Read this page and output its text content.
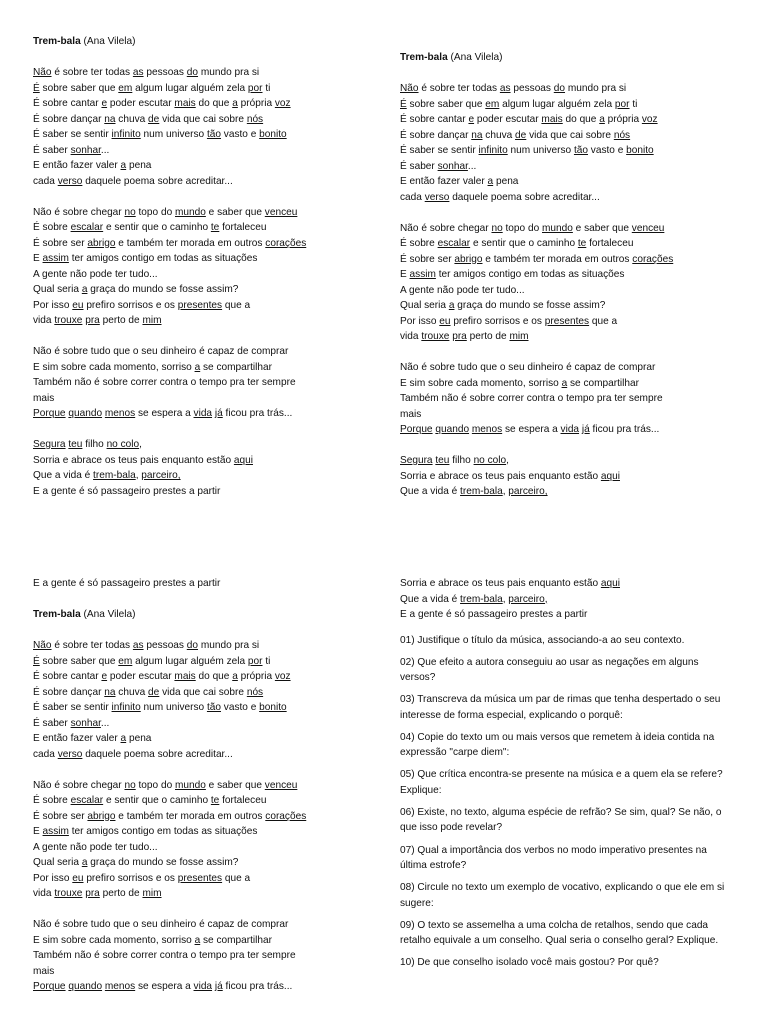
Trem-bala (Ana Vilela)
Não é sobre ter todas as pessoas do mundo pra si
É sobre saber que em algum lugar alguém zela por ti
É sobre cantar e poder escutar mais do que a própria voz
É sobre dançar na chuva de vida que cai sobre nós
É saber se sentir infinito num universo tão vasto e bonito
É saber sonhar...
E então fazer valer a pena
cada verso daquele poema sobre acreditar...
Não é sobre chegar no topo do mundo e saber que venceu
É sobre escalar e sentir que o caminho te fortaleceu
É sobre ser abrigo e também ter morada em outros corações
E assim ter amigos contigo em todas as situações
A gente não pode ter tudo...
Qual seria a graça do mundo se fosse assim?
Por isso eu prefiro sorrisos e os presentes que a
vida trouxe pra perto de mim
Não é sobre tudo que o seu dinheiro é capaz de comprar
E sim sobre cada momento, sorriso a se compartilhar
Também não é sobre correr contra o tempo pra ter sempre
mais
Porque quando menos se espera a vida já ficou pra trás...
Segura teu filho no colo,
Sorria e abrace os teus pais enquanto estão aqui
Que a vida é trem-bala, parceiro,
E a gente é só passageiro prestes a partir
Trem-bala (Ana Vilela)
Não é sobre ter todas as pessoas do mundo pra si
É sobre saber que em algum lugar alguém zela por ti
É sobre cantar e poder escutar mais do que a própria voz
É sobre dançar na chuva de vida que cai sobre nós
É saber se sentir infinito num universo tão vasto e bonito
É saber sonhar...
E então fazer valer a pena
cada verso daquele poema sobre acreditar...
Não é sobre chegar no topo do mundo e saber que venceu
É sobre escalar e sentir que o caminho te fortaleceu
É sobre ser abrigo e também ter morada em outros corações
E assim ter amigos contigo em todas as situações
A gente não pode ter tudo...
Qual seria a graça do mundo se fosse assim?
Por isso eu prefiro sorrisos e os presentes que a
vida trouxe pra perto de mim
Não é sobre tudo que o seu dinheiro é capaz de comprar
E sim sobre cada momento, sorriso a se compartilhar
Também não é sobre correr contra o tempo pra ter sempre
mais
Porque quando menos se espera a vida já ficou pra trás...
Segura teu filho no colo,
Sorria e abrace os teus pais enquanto estão aqui
Que a vida é trem-bala, parceiro,
E a gente é só passageiro prestes a partir
Trem-bala (Ana Vilela)
Não é sobre ter todas as pessoas do mundo pra si
É sobre saber que em algum lugar alguém zela por ti
É sobre cantar e poder escutar mais do que a própria voz
É sobre dançar na chuva de vida que cai sobre nós
É saber se sentir infinito num universo tão vasto e bonito
É saber sonhar...
E então fazer valer a pena
cada verso daquele poema sobre acreditar...
Não é sobre chegar no topo do mundo e saber que venceu
É sobre escalar e sentir que o caminho te fortaleceu
É sobre ser abrigo e também ter morada em outros corações
E assim ter amigos contigo em todas as situações
A gente não pode ter tudo...
Qual seria a graça do mundo se fosse assim?
Por isso eu prefiro sorrisos e os presentes que a
vida trouxe pra perto de mim
Não é sobre tudo que o seu dinheiro é capaz de comprar
E sim sobre cada momento, sorriso a se compartilhar
Também não é sobre correr contra o tempo pra ter sempre
mais
Porque quando menos se espera a vida já ficou pra trás...
Sorria e abrace os teus pais enquanto estão aqui
Que a vida é trem-bala, parceiro,
E a gente é só passageiro prestes a partir
01) Justifique o título da música, associando-a ao seu contexto.
02) Que efeito a autora conseguiu ao usar as negações em alguns versos?
03) Transcreva da música um par de rimas que tenha despertado o seu interesse de forma especial, explicando o porquê:
04) Copie do texto um ou mais versos que remetem à ideia contida na expressão "carpe diem":
05) Que crítica encontra-se presente na música e a quem ela se refere? Explique:
06) Existe, no texto, alguma espécie de refrão? Se sim, qual? Se não, o que isso pode revelar?
07) Qual a importância dos verbos no modo imperativo presentes na última estrofe?
08) Circule no texto um exemplo de vocativo, explicando o que ele em si sugere:
09) O texto se assemelha a uma colcha de retalhos, sendo que cada retalho equivale a um conselho. Qual seria o conselho geral? Explique.
10) De que conselho isolado você mais gostou? Por quê?
